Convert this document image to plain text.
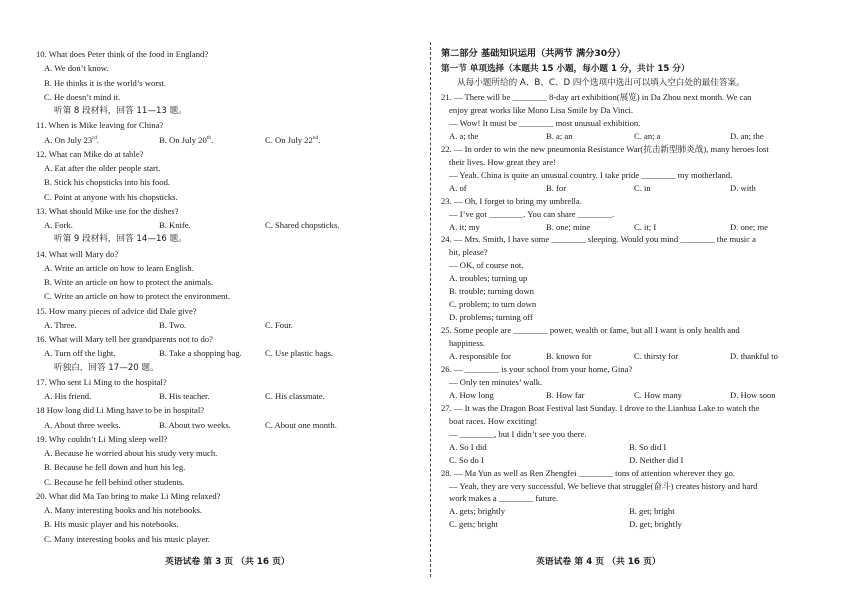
10. What does Peter think of the food in England?
A. We don’t know.
B. He thinks it is the world’s worst.
C. He doesn’t mind it.
听第 8 段材料，回答 11—13 题。
11. When is Mike leaving for China?
A. On July 23rd.	B. On July 20th.	C. On July 22nd.
12. What can Mike do at table?
A. Eat after the older people start.
B. Stick his chopsticks into his food.
C. Point at anyone with his chopsticks.
13. What should Mike use for the dishes?
A. Fork.	B. Knife.	C. Shared chopsticks.
听第 9 段材料，回答 14—16 题。
14. What will Mary do?
A. Write an article on how to learn English.
B. Write an article on how to protect the animals.
C. Write an article on how to protect the environment.
15. How many pieces of advice did Dale give?
A. Three.	B. Two.	C. Four.
16. What will Mary tell her grandparents not to do?
A. Turn off the light.	B. Take a shopping bag.	C. Use plastic bags.
听独白，回答 17—20 题。
17. Who sent Li Ming to the hospital?
A. His friend.	B. His teacher.	C. His classmate.
18 How long did Li Ming have to be in hospital?
A. About three weeks.	B. About two weeks.	C. About one month.
19. Why couldn’t Li Ming sleep well?
A. Because he worried about his study very much.
B. Because he fell down and hurt his leg.
C. Because he fell behind other students.
20. What did Ma Tao bring to make Li Ming relaxed?
A. Many interesting books and his notebooks.
B. His music player and his notebooks.
C. Many interesting books and his music player.
第二部分 基础知识运用（共两节 满分30分）
第一节 单项选择（本题共 15 小题，每小题 1 分，共计 15 分）
从每小题所给的 A、B、C、D 四个选项中选出可以填入空白处的最佳答案。
21. — There will be ________ 8-day art exhibition(展览) in Da Zhou next month. We can
enjoy great works like Mono Lisa Smile by Da Vinci.
— Wow! It must be ________ most unusual exhibition.
A. a; the	B. a; an	C. an; a	D. an; the
22. — In order to win the new pneumonia Resistance War(抗击新型肺炎战), many heroes lost
their lives. How great they are!
— Yeah. China is quite an unusual country. I take pride ________ my motherland.
A. of	B. for	C. in	D. with
23. — Oh, I forget to bring my umbrella.
— I’ve got ________. You can share ________.
A. it; my	B. one; mine	C. it; I	D. one; me
24. — Mrs. Smith, I have some ________ sleeping. Would you mind ________ the music a
bit, please?
— OK, of course not.
A. troubles; turning up
B. trouble; turning down
C. problem; to turn down
D. problems; turning off
25. Some people are ________ power, wealth or fame, but all I want is only health and
happiness.
A. responsible for	B. known for	C. thirsty for	D. thankful to
26. — ________ is your school from your home, Gina?
— Only ten minutes’ walk.
A. How long	B. How far	C. How many	D. How soon
27. — It was the Dragon Boat Festival last Sunday. I drove to the Lianhua Lake to watch the
boat races. How exciting!
— ________, but I didn’t see you there.
A. So I did	B. So did I
C. So do I	D. Neither did I
28. — Ma Yun as well as Ren Zhengfei ________ tons of attention wherever they go.
— Yeah, they are very successful. We believe that struggle(奋斗) creates history and hard
work makes a ________ future.
A. gets; brightly	B. get; bright
C. gets; bright	D. get; brightly
英语试卷 第 3 页 （共 16 页）	英语试卷 第 4 页 （共 16 页）
